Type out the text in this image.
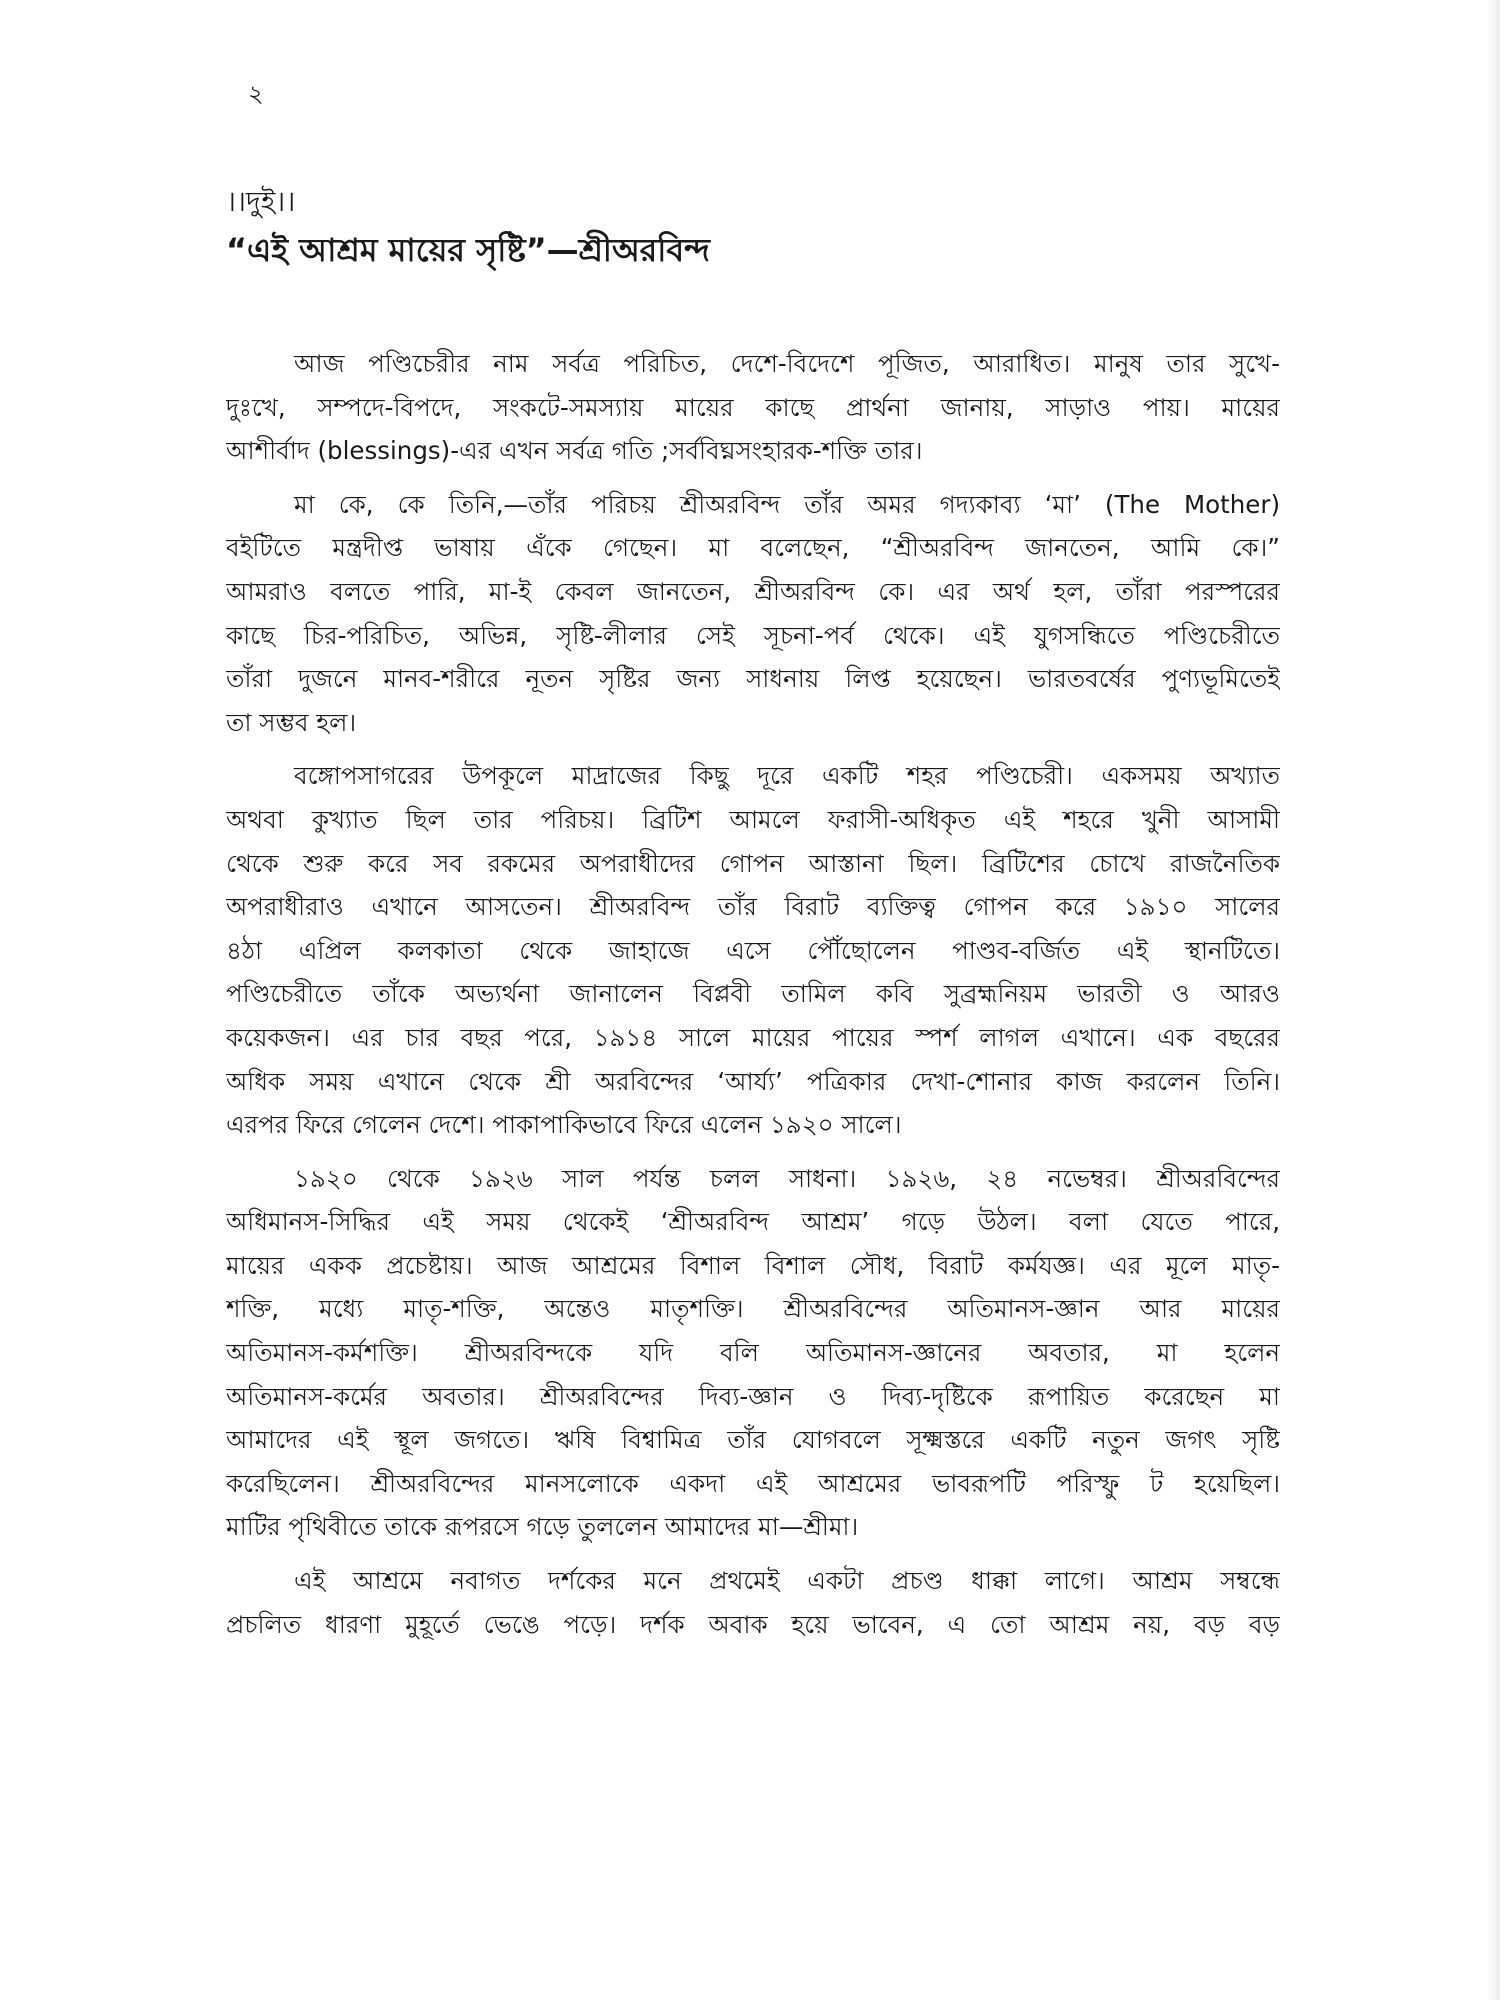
২
।।দুই।।
“এই আশ্রম মায়ের সৃষ্টি”—শ্রীঅরবিন্দ
আজ পণ্ডিচেরীর নাম সর্বত্র পরিচিত, দেশে-বিদেশে পূজিত, আরাধিত। মানুষ তার সুখে-
দুঃখে, সম্পদে-বিপদে, সংকটে-সমস্যায় মায়ের কাছে প্রার্থনা জানায়, সাড়াও পায়। মায়ের
আশীর্বাদ (blessings)-এর এখন সর্বত্র গতি ;সর্ববিঘ্নসংহারক-শক্তি তার।
মা কে, কে তিনি,—তাঁর পরিচয় শ্রীঅরবিন্দ তাঁর অমর গদ্যকাব্য ‘মা’ (The Mother)
বইটিতে মন্ত্রদীপ্ত ভাষায় এঁকে গেছেন। মা বলেছেন, “শ্রীঅরবিন্দ জানতেন, আমি কে।”
আমরাও বলতে পারি, মা-ই কেবল জানতেন, শ্রীঅরবিন্দ কে। এর অর্থ হল, তাঁরা পরস্পরের
কাছে চির-পরিচিত, অভিন্ন, সৃষ্টি-লীলার সেই সূচনা-পর্ব থেকে। এই যুগসন্ধিতে পণ্ডিচেরীতে
তাঁরা দুজনে মানব-শরীরে নূতন সৃষ্টির জন্য সাধনায় লিপ্ত হয়েছেন। ভারতবর্ষের পুণ্যভূমিতেই
তা সম্ভব হল।
বঙ্গোপসাগরের উপকূলে মাদ্রাজের কিছু দূরে একটি শহর পণ্ডিচেরী। একসময় অখ্যাত
অথবা কুখ্যাত ছিল তার পরিচয়। ব্রিটিশ আমলে ফরাসী-অধিকৃত এই শহরে খুনী আসামী
থেকে শুরু করে সব রকমের অপরাধীদের গোপন আস্তানা ছিল। ব্রিটিশের চোখে রাজনৈতিক
অপরাধীরাও এখানে আসতেন। শ্রীঅরবিন্দ তাঁর বিরাট ব্যক্তিত্ব গোপন করে ১৯১০ সালের
৪ঠা এপ্রিল কলকাতা থেকে জাহাজে এসে পৌঁছোলেন পাণ্ডব-বর্জিত এই স্থানটিতে।
পণ্ডিচেরীতে তাঁকে অভ্যর্থনা জানালেন বিপ্লবী তামিল কবি সুব্রহ্মনিয়ম ভারতী ও আরও
কয়েকজন। এর চার বছর পরে, ১৯১৪ সালে মায়ের পায়ের স্পর্শ লাগল এখানে। এক বছরের
অধিক সময় এখানে থেকে শ্রী অরবিন্দের ‘আর্য্য’ পত্রিকার দেখা-শোনার কাজ করলেন তিনি।
এরপর ফিরে গেলেন দেশে। পাকাপাকিভাবে ফিরে এলেন ১৯২০ সালে।
১৯২০ থেকে ১৯২৬ সাল পর্যন্ত চলল সাধনা। ১৯২৬, ২৪ নভেম্বর। শ্রীঅরবিন্দের
অধিমানস-সিদ্ধির এই সময় থেকেই ‘শ্রীঅরবিন্দ আশ্রম’ গড়ে উঠল। বলা যেতে পারে,
মায়ের একক প্রচেষ্টায়। আজ আশ্রমের বিশাল বিশাল সৌধ, বিরাট কর্মযজ্ঞ। এর মূলে মাতৃ-
শক্তি, মধ্যে মাতৃ-শক্তি, অন্তেও মাতৃশক্তি। শ্রীঅরবিন্দের অতিমানস-জ্ঞান আর মায়ের
অতিমানস-কর্মশক্তি। শ্রীঅরবিন্দকে যদি বলি অতিমানস-জ্ঞানের অবতার, মা হলেন
অতিমানস-কর্মের অবতার। শ্রীঅরবিন্দের দিব্য-জ্ঞান ও দিব্য-দৃষ্টিকে রূপায়িত করেছেন মা
আমাদের এই স্থূল জগতে। ঋষি বিশ্বামিত্র তাঁর যোগবলে সূক্ষ্মস্তরে একটি নতুন জগৎ সৃষ্টি
করেছিলেন। শ্রীঅরবিন্দের মানসলোকে একদা এই আশ্রমের ভাবরূপটি পরিস্ফু ট হয়েছিল।
মাটির পৃথিবীতে তাকে রূপরসে গড়ে তুললেন আমাদের মা—শ্রীমা।
এই আশ্রমে নবাগত দর্শকের মনে প্রথমেই একটা প্রচণ্ড ধাক্কা লাগে। আশ্রম সম্বন্ধে
প্রচলিত ধারণা মুহূর্তে ভেঙে পড়ে। দর্শক অবাক হয়ে ভাবেন, এ তো আশ্রম নয়, বড় বড়
